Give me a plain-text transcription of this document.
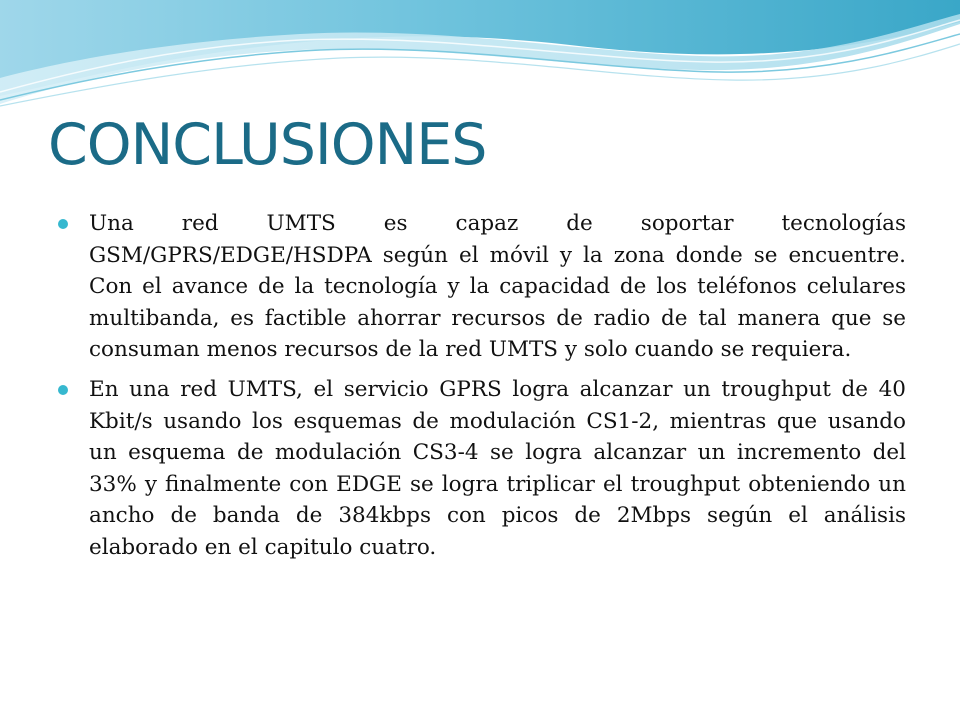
CONCLUSIONES
Una red UMTS es capaz de soportar tecnologías GSM/GPRS/EDGE/HSDPA según el móvil y la zona donde se encuentre. Con el avance de la tecnología y la capacidad de los teléfonos celulares multibanda, es factible ahorrar recursos de radio de tal manera que se consuman menos recursos de la red UMTS y solo cuando se requiera.
En una red UMTS, el servicio GPRS logra alcanzar un troughput de 40 Kbit/s usando los esquemas de modulación CS1-2, mientras que usando un esquema de modulación CS3-4 se logra alcanzar un incremento del 33% y finalmente con EDGE se logra triplicar el troughput obteniendo un ancho de banda de 384kbps con picos de 2Mbps según el análisis elaborado en el capitulo cuatro.
